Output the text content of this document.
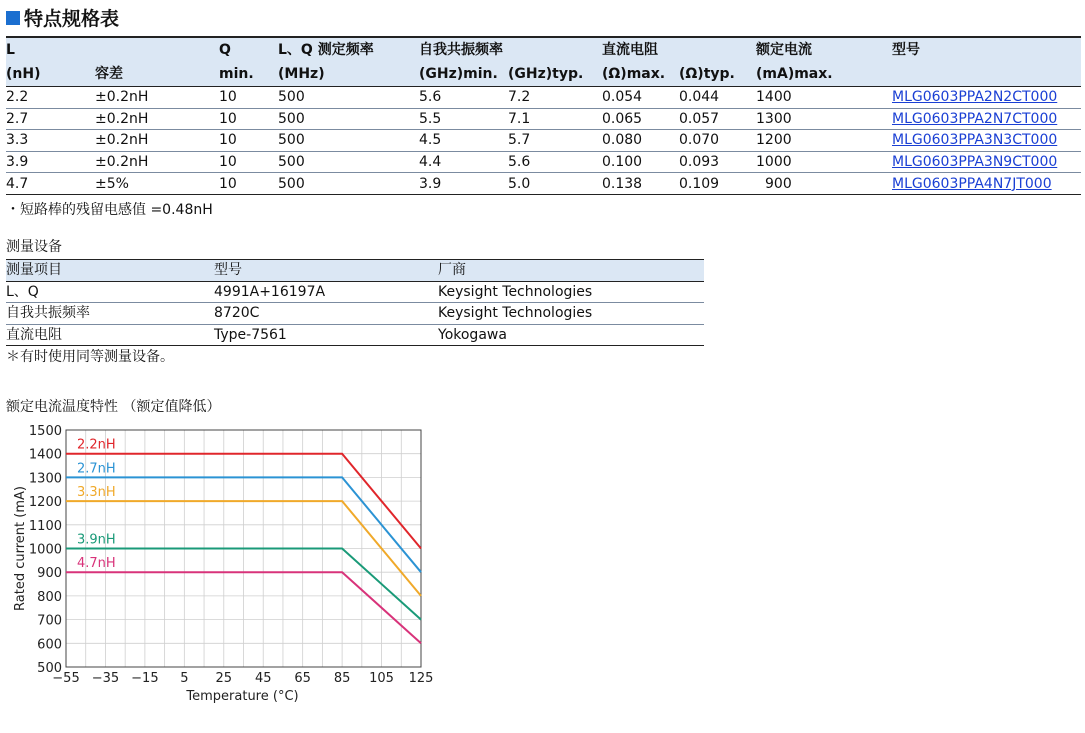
特点规格表
L		Q	L、Q 测定频率	自我共振频率		直流电阻		额定电流	型号
(nH)	容差	min.	(MHz)	(GHz)min.	(GHz)typ.	(Ω)max.	(Ω)typ.	(mA)max.	
2.2	±0.2nH	10	500	5.6	7.2	0.054	0.044	1400	MLG0603PPA2N2CT000
2.7	±0.2nH	10	500	5.5	7.1	0.065	0.057	1300	MLG0603PPA2N7CT000
3.3	±0.2nH	10	500	4.5	5.7	0.080	0.070	1200	MLG0603PPA3N3CT000
3.9	±0.2nH	10	500	4.4	5.6	0.100	0.093	1000	MLG0603PPA3N9CT000
4.7	±5%	10	500	3.9	5.0	0.138	0.109	900	MLG0603PPA4N7JT000
・短路棒的残留电感值 =0.48nH
测量设备
测量项目	型号	厂商
L、Q	4991A+16197A	Keysight Technologies
自我共振频率	8720C	Keysight Technologies
直流电阻	Type-7561	Yokogawa
＊有时使用同等测量设备。
额定电流温度特性 （额定值降低）
500
600
700
800
900
1000
1100
1200
1300
1400
1500
−55 −35 −15 5 25 45 65 85 105 125
Temperature (°C)
Rated current (mA)
2.2nH
2.7nH
3.3nH
3.9nH
4.7nH
